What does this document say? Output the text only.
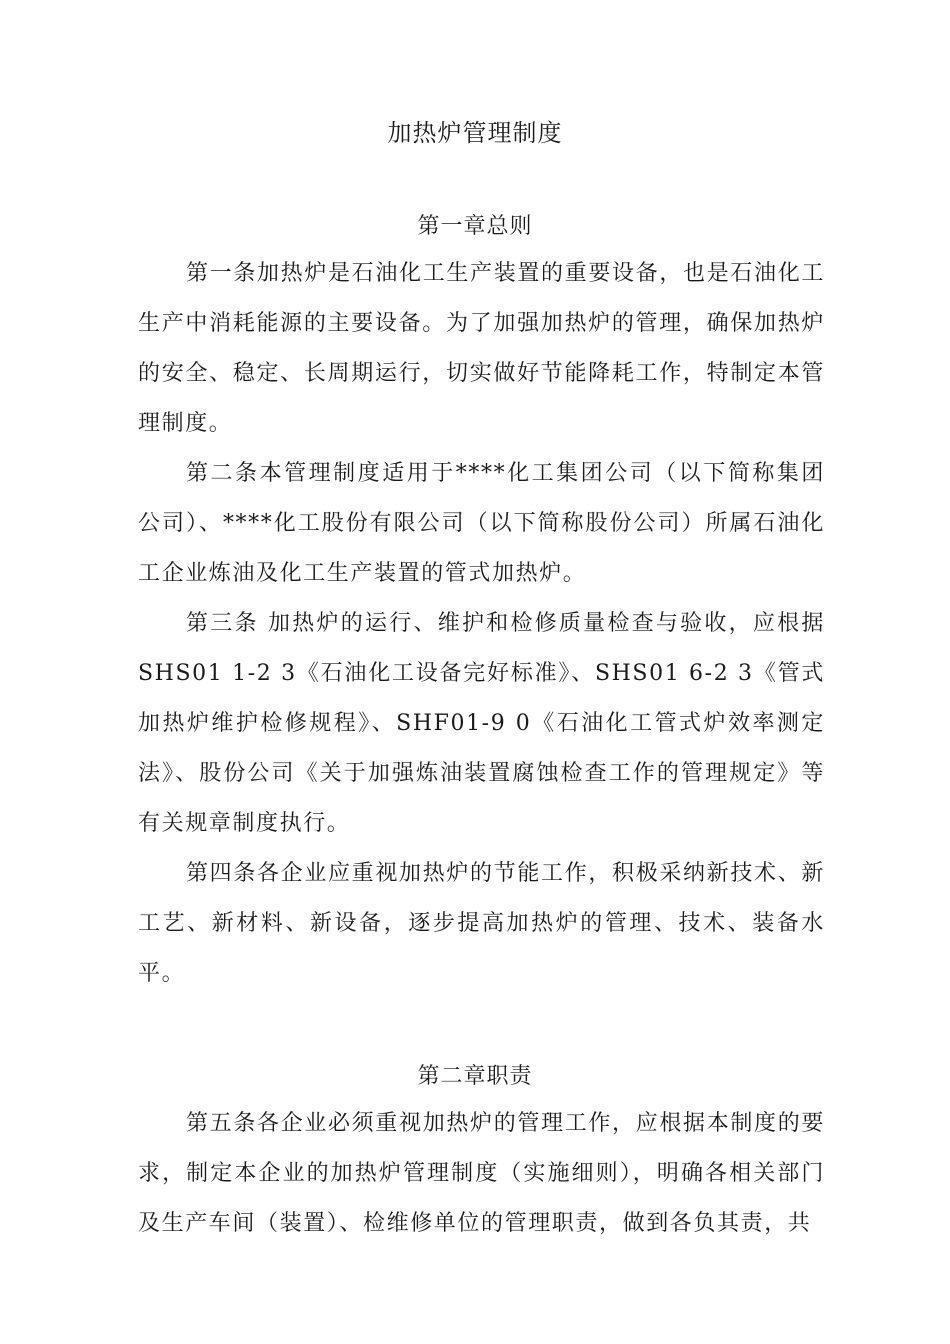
加热炉管理制度
第一章总则

第一条加热炉是石油化工生产装置的重要设备，也是石油化工生产中消耗能源的主要设备。为了加强加热炉的管理，确保加热炉的安全、稳定、长周期运行，切实做好节能降耗工作，特制定本管理制度。

第二条本管理制度适用于****化工集团公司（以下简称集团公司）、****化工股份有限公司（以下简称股份公司）所属石油化工企业炼油及化工生产装置的管式加热炉。

第三条 加热炉的运行、维护和检修质量检查与验收，应根据SHS01 1-2 3《石油化工设备完好标准》、SHS01 6-2 3《管式加热炉维护检修规程》、SHF01-9 0《石油化工管式炉效率测定法》、股份公司《关于加强炼油装置腐蚀检查工作的管理规定》等有关规章制度执行。

第四条各企业应重视加热炉的节能工作，积极采纳新技术、新工艺、新材料、新设备，逐步提高加热炉的管理、技术、装备水平。

第二章职责

第五条各企业必须重视加热炉的管理工作，应根据本制度的要求，制定本企业的加热炉管理制度（实施细则），明确各相关部门及生产车间（装置）、检维修单位的管理职责，做到各负其责，共
